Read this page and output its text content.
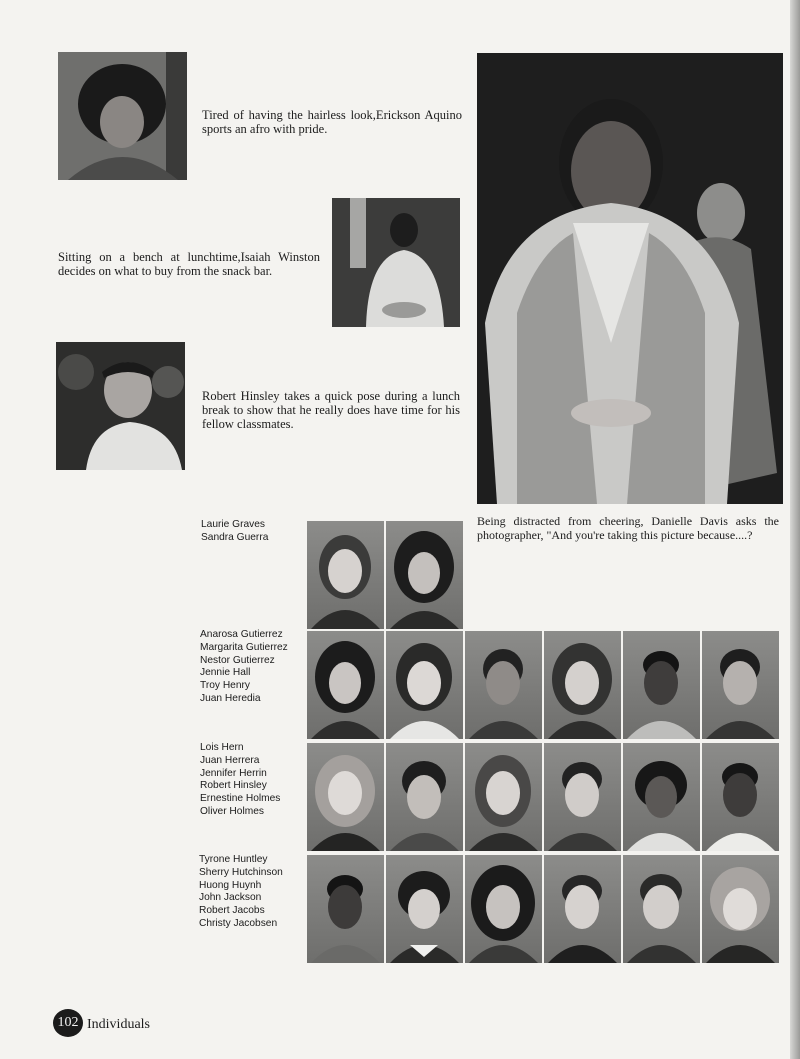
Tired of having the hairless look,Erickson Aquino sports an afro with pride.

Sitting on a bench at lunchtime,Isaiah Winston decides on what to buy from the snack bar.

Robert Hinsley takes a quick pose during a lunch break to show that he really does have time for his fellow classmates.

Being distracted from cheering, Danielle Davis asks the photographer, "And you're taking this picture because....?

Laurie Graves
Sandra Guerra
Anarosa Gutierrez
Margarita Gutierrez
Nestor Gutierrez
Jennie Hall
Troy Henry
Juan Heredia
Lois Hern
Juan Herrera
Jennifer Herrin
Robert Hinsley
Ernestine Holmes
Oliver Holmes
Tyrone Huntley
Sherry Hutchinson
Huong Huynh
John Jackson
Robert Jacobs
Christy Jacobsen
102 Individuals
